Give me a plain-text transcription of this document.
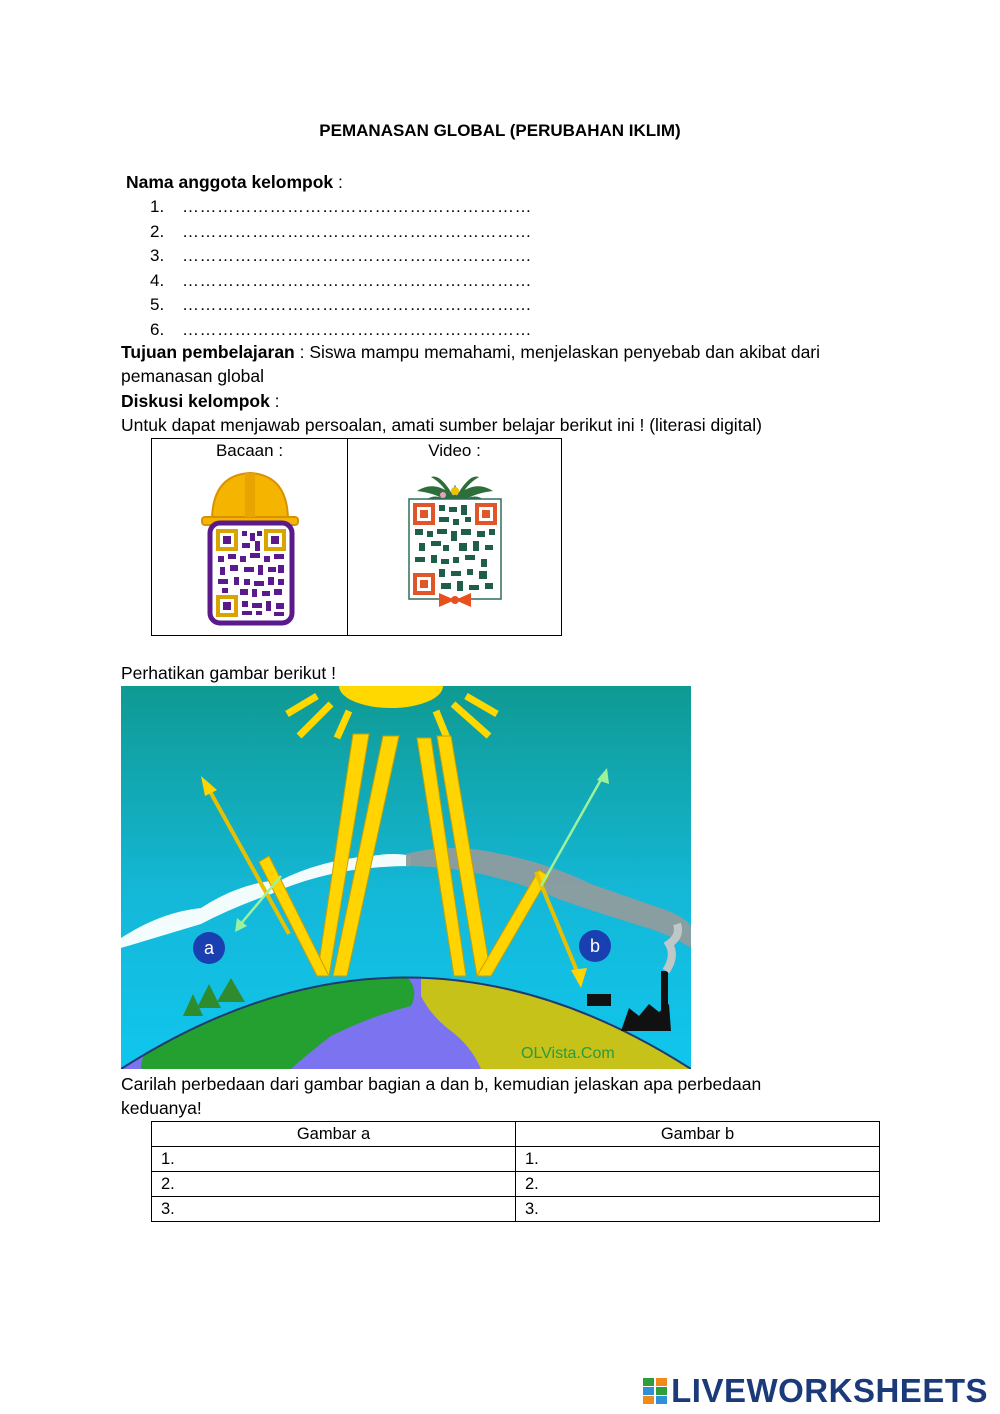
PEMANASAN GLOBAL (PERUBAHAN IKLIM)
Nama anggota kelompok :
1.	……………………………………………………
2.	……………………………………………………
3.	……………………………………………………
4.	……………………………………………………
5.	……………………………………………………
6.	……………………………………………………
Tujuan pembelajaran : Siswa mampu memahami, menjelaskan penyebab dan akibat dari
pemanasan global
Diskusi kelompok :
Untuk dapat menjawab persoalan, amati sumber belajar berikut ini ! (literasi digital)
Bacaan :	Video :
Perhatikan gambar berikut !
a	b
OLVista.Com
Carilah perbedaan dari gambar bagian a dan b, kemudian jelaskan apa perbedaan
keduanya!
Gambar a	Gambar b
1.	1.
2.	2.
3.	3.
LIVEWORKSHEETS
